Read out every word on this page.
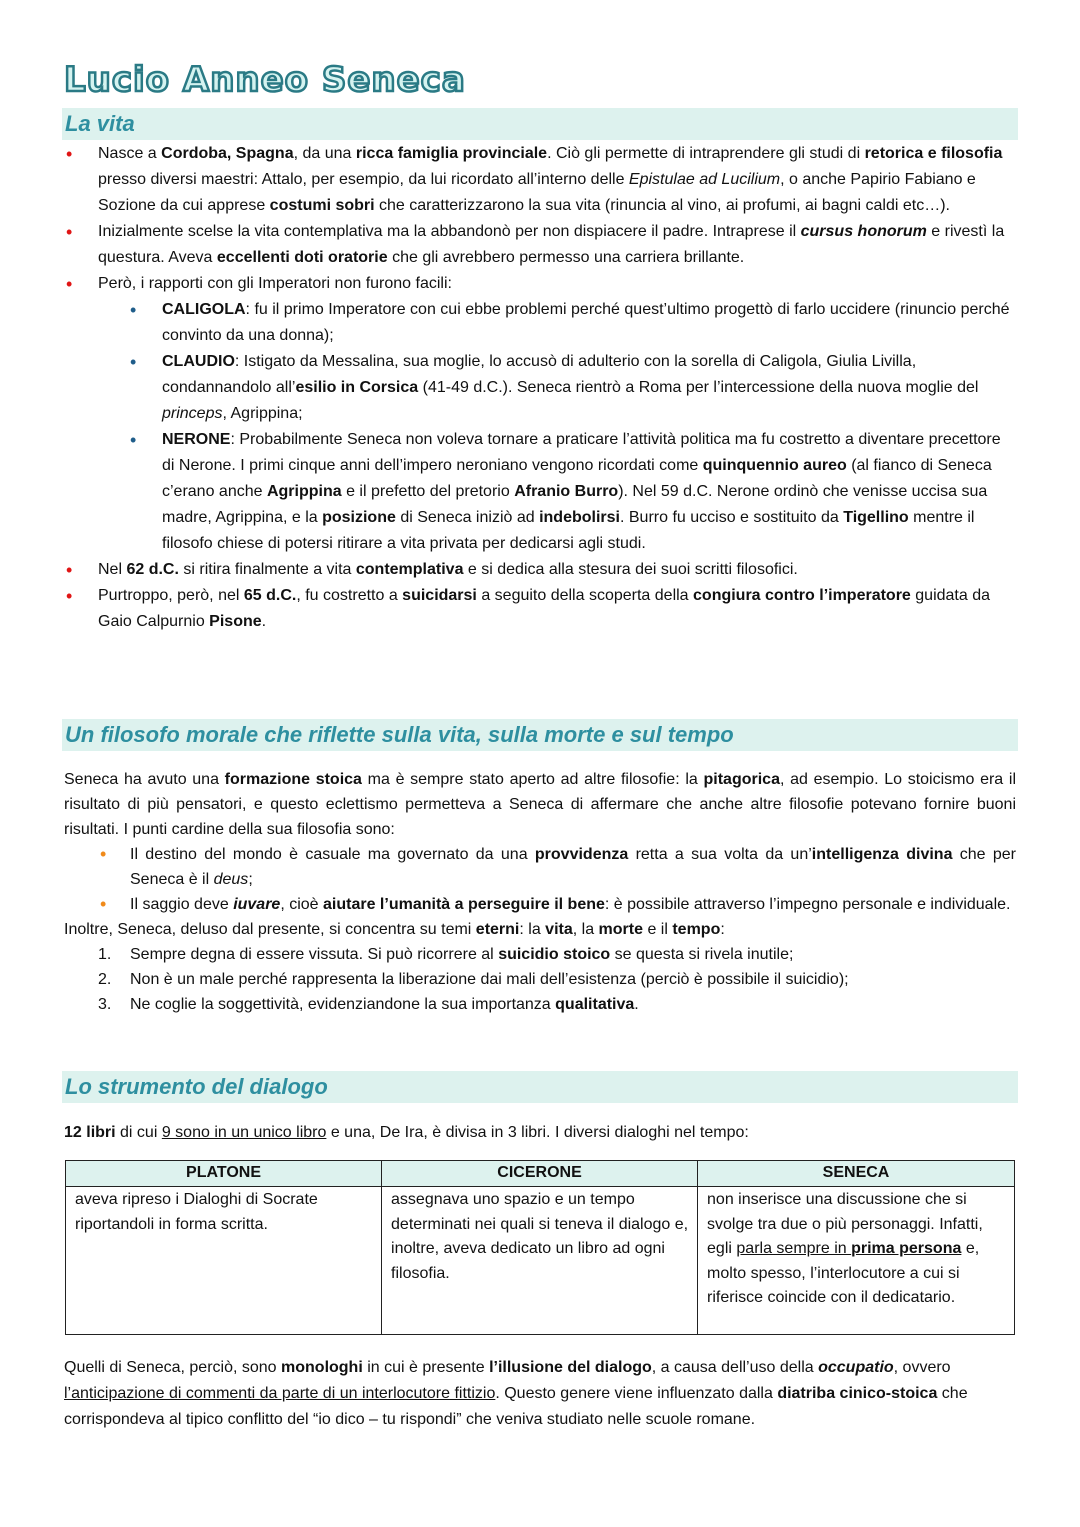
Lucio Anneo Seneca
La vita
• Nasce a Cordoba, Spagna, da una ricca famiglia provinciale. Ciò gli permette di intraprendere gli studi di retorica e filosofia presso diversi maestri: Attalo, per esempio, da lui ricordato all’interno delle Epistulae ad Lucilium, o anche Papirio Fabiano e Sozione da cui apprese costumi sobri che caratterizzarono la sua vita (rinuncia al vino, ai profumi, ai bagni caldi etc…).
• Inizialmente scelse la vita contemplativa ma la abbandonò per non dispiacere il padre. Intraprese il cursus honorum e rivestì la questura. Aveva eccellenti doti oratorie che gli avrebbero permesso una carriera brillante.
• Però, i rapporti con gli Imperatori non furono facili:
• CALIGOLA: fu il primo Imperatore con cui ebbe problemi perché quest’ultimo progettò di farlo uccidere (rinuncio perché convinto da una donna);
• CLAUDIO: Istigato da Messalina, sua moglie, lo accusò di adulterio con la sorella di Caligola, Giulia Livilla, condannandolo all’esilio in Corsica (41-49 d.C.). Seneca rientrò a Roma per l’intercessione della nuova moglie del princeps, Agrippina;
• NERONE: Probabilmente Seneca non voleva tornare a praticare l’attività politica ma fu costretto a diventare precettore di Nerone. I primi cinque anni dell’impero neroniano vengono ricordati come quinquennio aureo (al fianco di Seneca c’erano anche Agrippina e il prefetto del pretorio Afranio Burro). Nel 59 d.C. Nerone ordinò che venisse uccisa sua madre, Agrippina, e la posizione di Seneca iniziò ad indebolirsi. Burro fu ucciso e sostituito da Tigellino mentre il filosofo chiese di potersi ritirare a vita privata per dedicarsi agli studi.
• Nel 62 d.C. si ritira finalmente a vita contemplativa e si dedica alla stesura dei suoi scritti filosofici.
• Purtroppo, però, nel 65 d.C., fu costretto a suicidarsi a seguito della scoperta della congiura contro l’imperatore guidata da Gaio Calpurnio Pisone.
Un filosofo morale che riflette sulla vita, sulla morte e sul tempo

Seneca ha avuto una formazione stoica ma è sempre stato aperto ad altre filosofie: la pitagorica, ad esempio. Lo stoicismo era il risultato di più pensatori, e questo eclettismo permetteva a Seneca di affermare che anche altre filosofie potevano fornire buoni risultati. I punti cardine della sua filosofia sono:

• Il destino del mondo è casuale ma governato da una provvidenza retta a sua volta da un’intelligenza divina che per Seneca è il deus;
• Il saggio deve iuvare, cioè aiutare l’umanità a perseguire il bene: è possibile attraverso l’impegno personale e individuale.

Inoltre, Seneca, deluso dal presente, si concentra su temi eterni: la vita, la morte e il tempo:

1. Sempre degna di essere vissuta. Si può ricorrere al suicidio stoico se questa si rivela inutile;
2. Non è un male perché rappresenta la liberazione dai mali dell’esistenza (perciò è possibile il suicidio);
3. Ne coglie la soggettività, evidenziandone la sua importanza qualitativa.
Lo strumento del dialogo
12 libri di cui 9 sono in un unico libro e una, De Ira, è divisa in 3 libri. I diversi dialoghi nel tempo:
PLATONE	CICERONE	SENECA
aveva ripreso i Dialoghi di Socrate riportandoli in forma scritta.	assegnava uno spazio e un tempo determinati nei quali si teneva il dialogo e, inoltre, aveva dedicato un libro ad ogni filosofia.	non inserisce una discussione che si svolge tra due o più personaggi. Infatti, egli parla sempre in prima persona e, molto spesso, l’interlocutore a cui si riferisce coincide con il dedicatario.
Quelli di Seneca, perciò, sono monologhi in cui è presente l’illusione del dialogo, a causa dell’uso della occupatio, ovvero l’anticipazione di commenti da parte di un interlocutore fittizio. Questo genere viene influenzato dalla diatriba cinico-stoica che corrispondeva al tipico conflitto del “io dico – tu rispondi” che veniva studiato nelle scuole romane.
